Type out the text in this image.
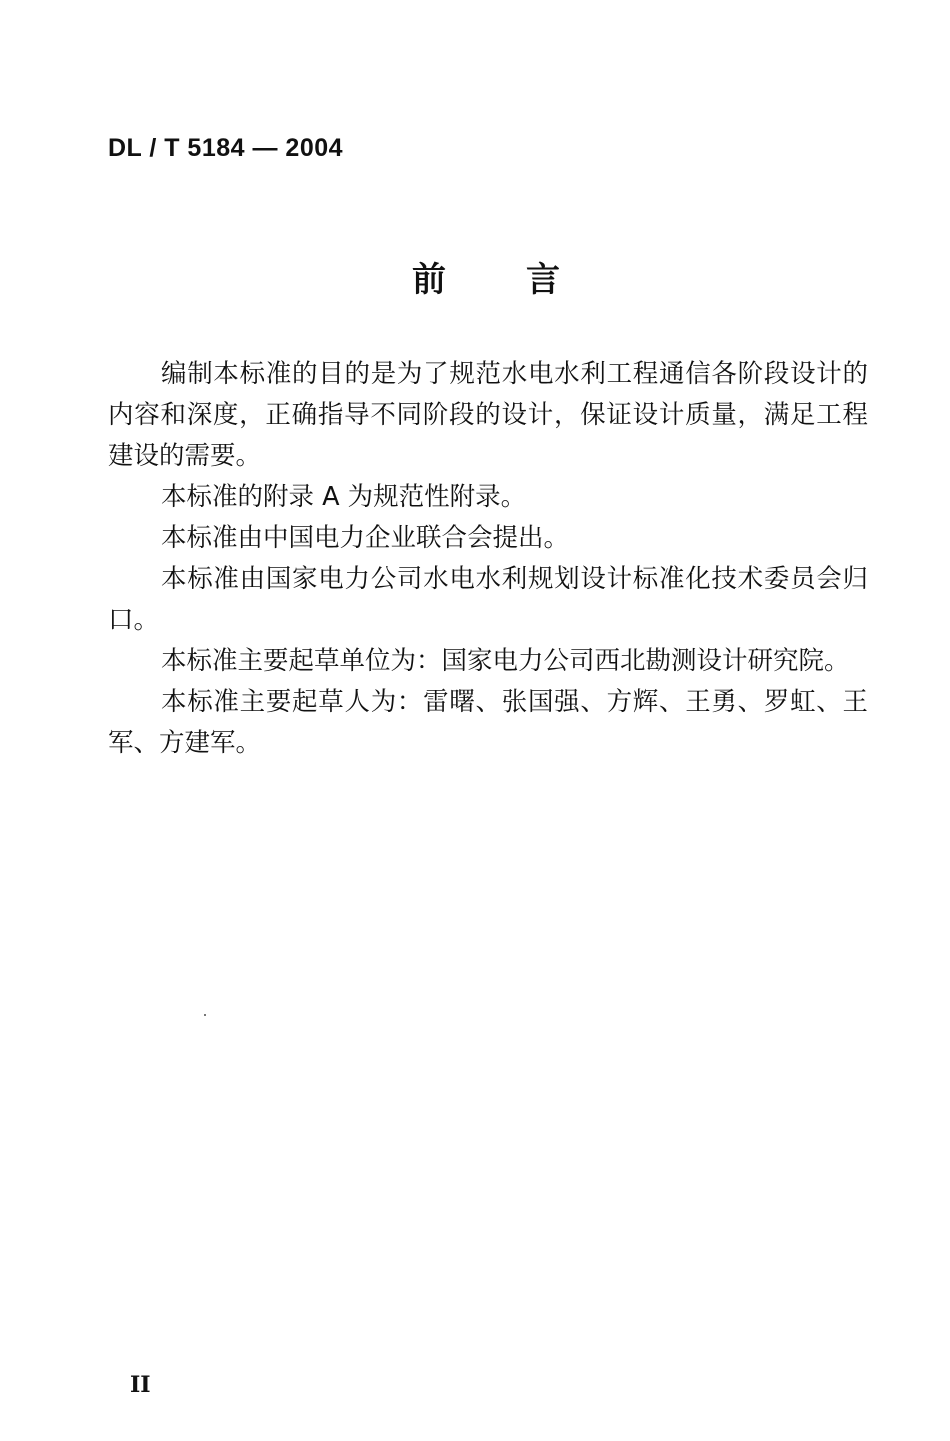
DL / T 5184 — 2004
前言

编制本标准的目的是为了规范水电水利工程通信各阶段设计的内容和深度，正确指导不同阶段的设计，保证设计质量，满足工程建设的需要。

本标准的附录 A 为规范性附录。

本标准由中国电力企业联合会提出。

本标准由国家电力公司水电水利规划设计标准化技术委员会归口。

本标准主要起草单位为：国家电力公司西北勘测设计研究院。

本标准主要起草人为：雷曙、张国强、方辉、王勇、罗虹、王军、方建军。

II
